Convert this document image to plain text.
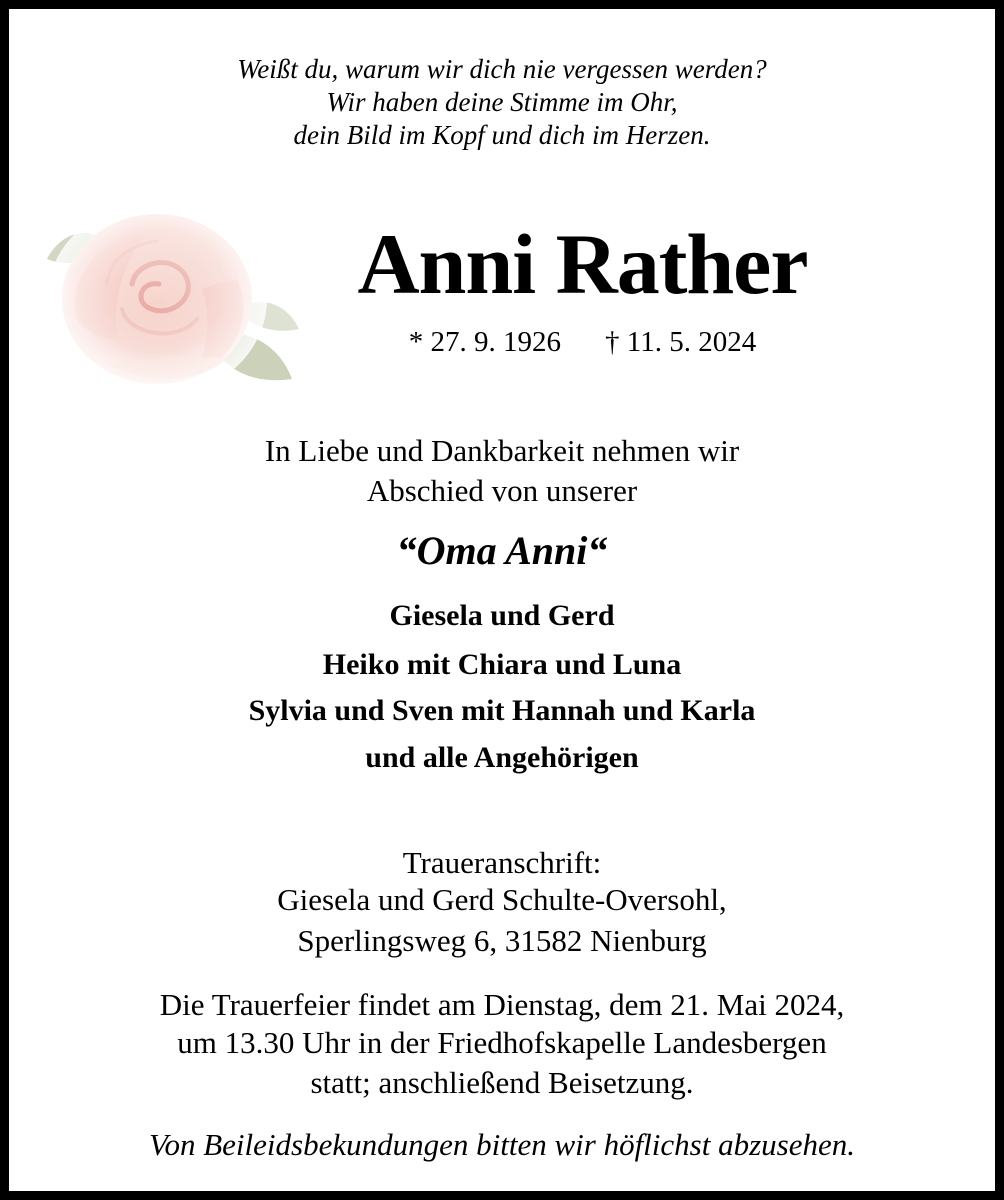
Weißt du, warum wir dich nie vergessen werden?
Wir haben deine Stimme im Ohr,
dein Bild im Kopf und dich im Herzen.
Anni Rather
* 27. 9. 1926 † 11. 5. 2024
In Liebe und Dankbarkeit nehmen wir
Abschied von unserer
“Oma Anni“
Giesela und Gerd
Heiko mit Chiara und Luna
Sylvia und Sven mit Hannah und Karla
und alle Angehörigen
Traueranschrift:
Giesela und Gerd Schulte-Oversohl,
Sperlingsweg 6, 31582 Nienburg
Die Trauerfeier findet am Dienstag, dem 21. Mai 2024,
um 13.30 Uhr in der Friedhofskapelle Landesbergen
statt; anschließend Beisetzung.
Von Beileidsbekundungen bitten wir höflichst abzusehen.
